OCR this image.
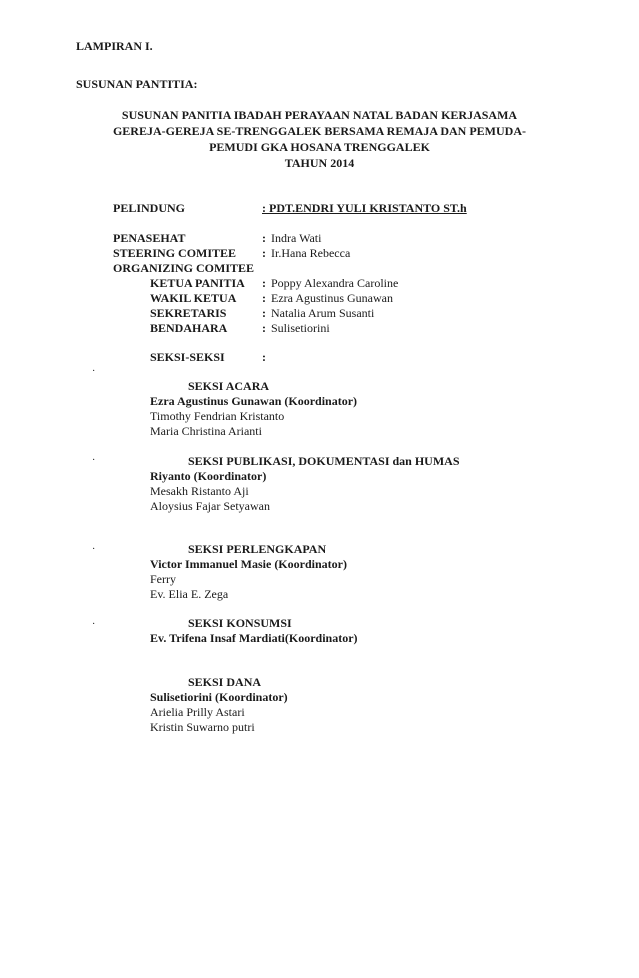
LAMPIRAN I.
SUSUNAN PANTITIA:
SUSUNAN PANITIA IBADAH PERAYAAN NATAL BADAN KERJASAMA
GEREJA-GEREJA SE-TRENGGALEK BERSAMA REMAJA DAN PEMUDA-
PEMUDI GKA HOSANA TRENGGALEK
TAHUN 2014
PELINDUNG	: PDT.ENDRI YULI KRISTANTO ST.h
PENASEHAT	: Indra Wati
STEERING COMITEE : Ir.Hana Rebecca
ORGANIZING COMITEE
KETUA PANITIA : Poppy Alexandra Caroline
WAKIL KETUA : Ezra Agustinus Gunawan
SEKRETARIS	: Natalia Arum Susanti
BENDAHARA	: Sulisetiorini
SEKSI-SEKSI	:
·
SEKSI ACARA
Ezra Agustinus Gunawan (Koordinator)
Timothy Fendrian Kristanto
Maria Christina Arianti
·	SEKSI PUBLIKASI, DOKUMENTASI dan HUMAS
Riyanto (Koordinator)
Mesakh Ristanto Aji
Aloysius Fajar Setyawan
·	SEKSI PERLENGKAPAN
Victor Immanuel Masie (Koordinator)
Ferry
Ev. Elia E. Zega
·	SEKSI KONSUMSI
Ev. Trifena Insaf Mardiati(Koordinator)
SEKSI DANA
Sulisetiorini (Koordinator)
Arielia Prilly Astari
Kristin Suwarno putri
